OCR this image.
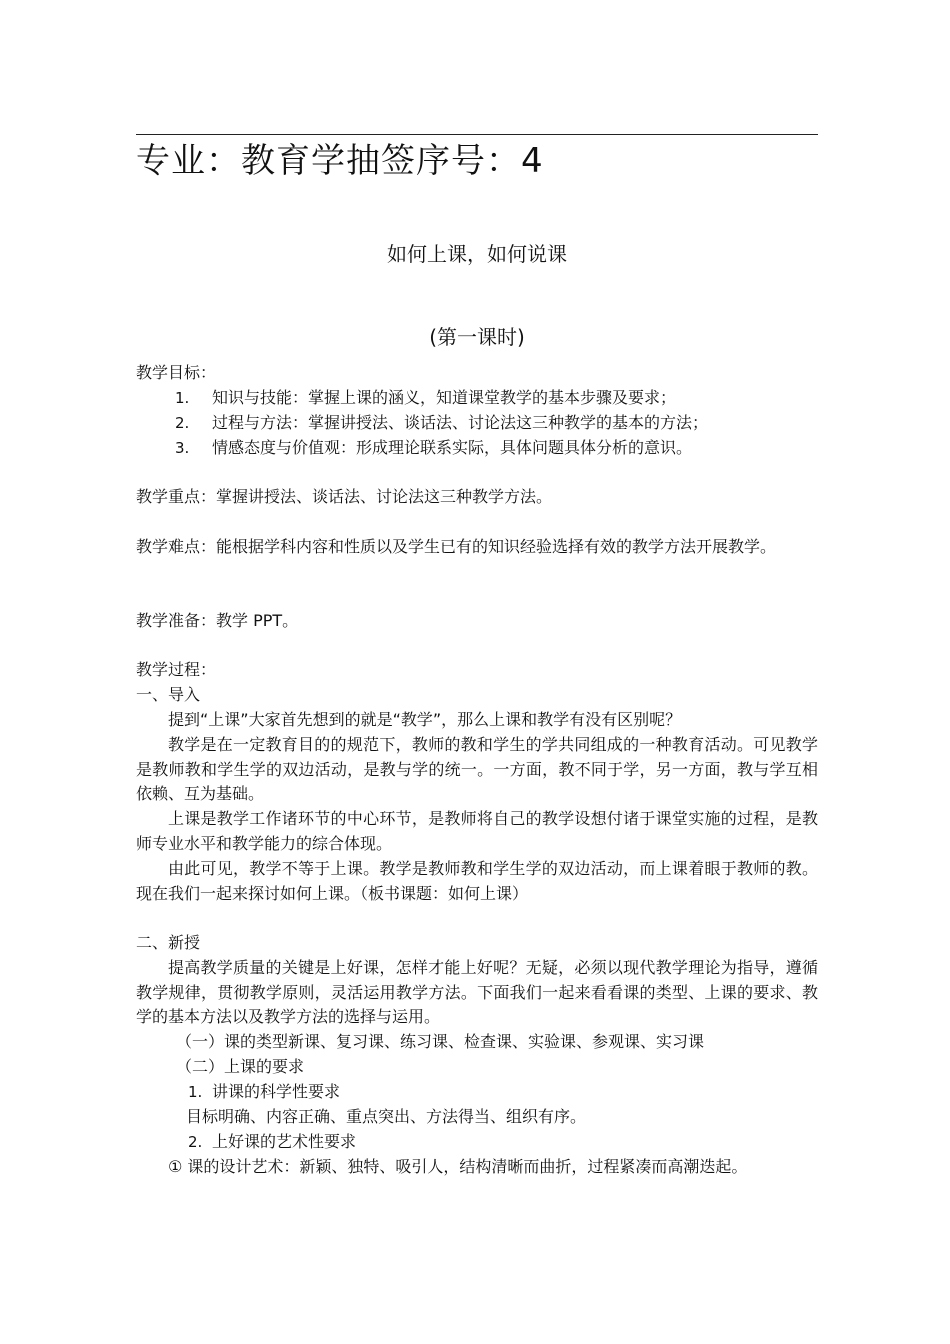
专业：教育学抽签序号：4
如何上课，如何说课
(第一课时)
教学目标：
1. 知识与技能：掌握上课的涵义，知道课堂教学的基本步骤及要求；
2. 过程与方法：掌握讲授法、谈话法、讨论法这三种教学的基本的方法；
3. 情感态度与价值观：形成理论联系实际，具体问题具体分析的意识。
教学重点：掌握讲授法、谈话法、讨论法这三种教学方法。
教学难点：能根据学科内容和性质以及学生已有的知识经验选择有效的教学方法开展教学。
教学准备：教学 PPT。
教学过程：
一、导入
提到“上课”大家首先想到的就是“教学”，那么上课和教学有没有区别呢？
教学是在一定教育目的的规范下，教师的教和学生的学共同组成的一种教育活动。可见教学是教师教和学生学的双边活动，是教与学的统一。一方面，教不同于学，另一方面，教与学互相依赖、互为基础。
上课是教学工作诸环节的中心环节，是教师将自己的教学设想付诸于课堂实施的过程，是教师专业水平和教学能力的综合体现。
由此可见，教学不等于上课。教学是教师教和学生学的双边活动，而上课着眼于教师的教。现在我们一起来探讨如何上课。（板书课题：如何上课）
二、新授
提高教学质量的关键是上好课，怎样才能上好呢？无疑，必须以现代教学理论为指导，遵循教学规律，贯彻教学原则，灵活运用教学方法。下面我们一起来看看课的类型、上课的要求、教学的基本方法以及教学方法的选择与运用。
（一）课的类型新课、复习课、练习课、检查课、实验课、参观课、实习课
（二）上课的要求
1. 讲课的科学性要求
目标明确、内容正确、重点突出、方法得当、组织有序。
2. 上好课的艺术性要求
① 课的设计艺术：新颖、独特、吸引人，结构清晰而曲折，过程紧凑而高潮迭起。
